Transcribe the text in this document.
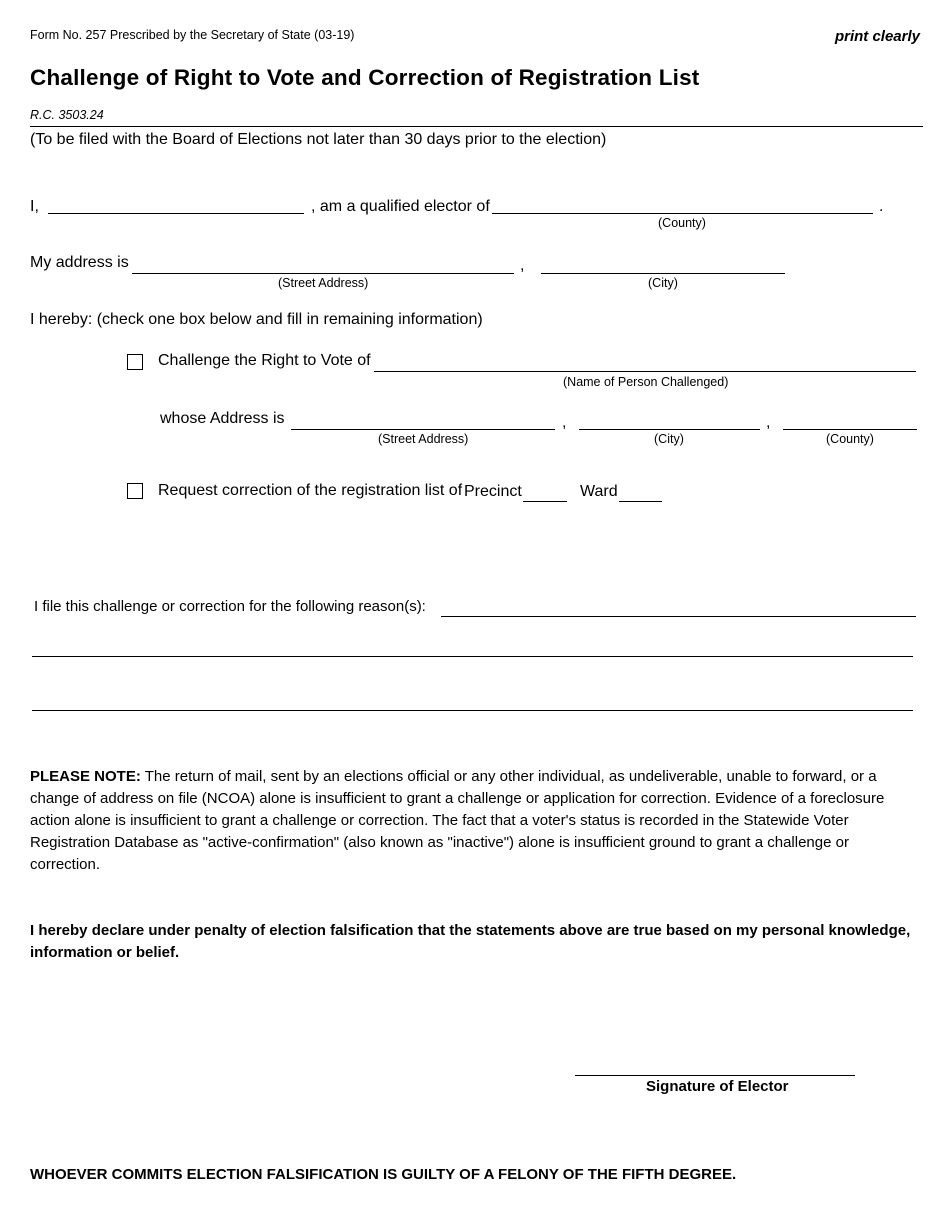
Form No. 257 Prescribed by the Secretary of State (03-19)	print clearly
Challenge of Right to Vote and Correction of Registration List
R.C. 3503.24
(To be filed with the Board of Elections not later than 30 days prior to the election)
I,	, am a qualified elector of	.
(County)
My address is	,
(Street Address)	(City)
I hereby: (check one box below and fill in remaining information)
Challenge the Right to Vote of
(Name of Person Challenged)
whose Address is	,	,
(Street Address)	(City)	(County)
Request correction of the registration list of Precinct	Ward
I file this challenge or correction for the following reason(s):
PLEASE NOTE: The return of mail, sent by an elections official or any other individual, as undeliverable, unable to forward, or a change of address on file (NCOA) alone is insufficient to grant a challenge or application for correction. Evidence of a foreclosure action alone is insufficient to grant a challenge or correction. The fact that a voter's status is recorded in the Statewide Voter Registration Database as "active-confirmation" (also known as "inactive") alone is insufficient ground to grant a challenge or correction.
I hereby declare under penalty of election falsification that the statements above are true based on my personal knowledge, information or belief.
Signature of Elector
WHOEVER COMMITS ELECTION FALSIFICATION IS GUILTY OF A FELONY OF THE FIFTH DEGREE.
